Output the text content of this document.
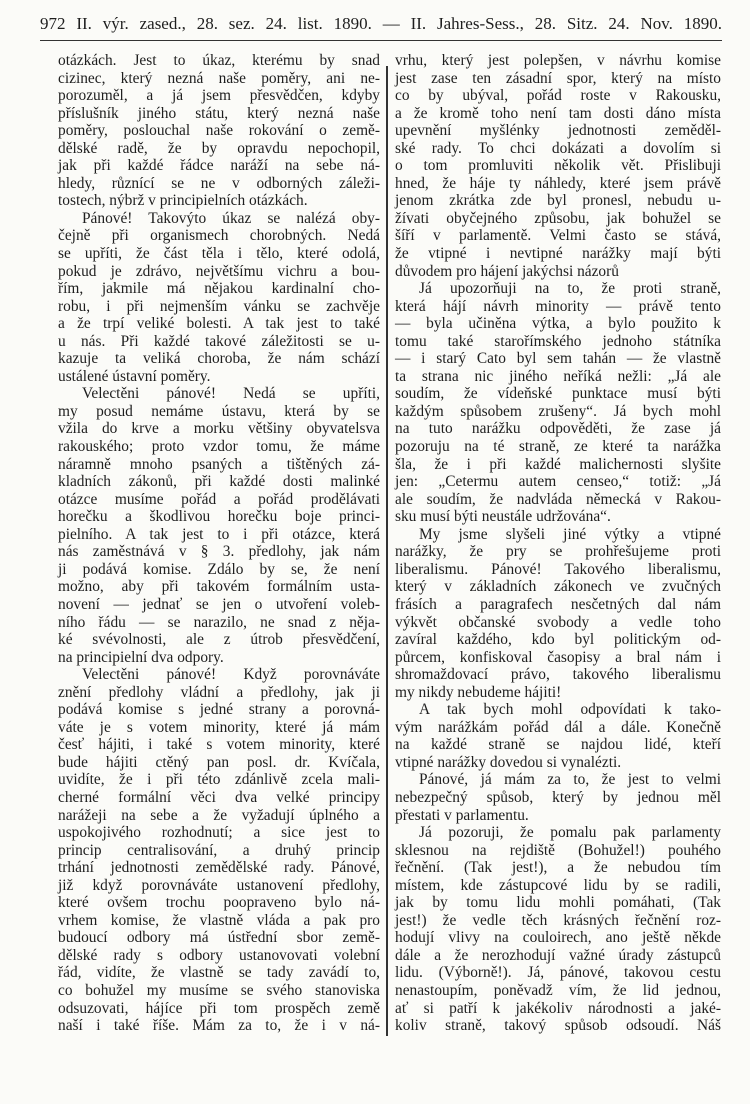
972 II. výr. zased., 28. sez. 24. list. 1890. — II. Jahres-Sess., 28. Sitz. 24. Nov. 1890.
otázkách. Jest to úkaz, kterému by snad
cizinec, který nezná naše poměry, ani ne-
porozuměl, a já jsem přesvědčen, kdyby
příslušník jiného státu, který nezná naše
poměry, poslouchal naše rokování o země-
dělské radě, že by opravdu nepochopil,
jak při každé řádce naráží na sebe ná-
hledy, různící se ne v odborných záleži-
tostech, nýbrž v principielních otázkách.
Pánové! Takovýto úkaz se nalézá oby-
čejně při organismech chorobných. Nedá
se upříti, že část těla i tělo, které odolá,
pokud je zdrávo, největšímu vichru a bou-
řím, jakmile má nějakou kardinalní cho-
robu, i při nejmenším vánku se zachvěje
a že trpí veliké bolesti. A tak jest to také
u nás. Při každé takové záležitosti se u-
kazuje ta veliká choroba, že nám schází
ustálené ústavní poměry.
Velectěni pánové! Nedá se upříti,
my posud nemáme ústavu, která by se
vžila do krve a morku většiny obyvatelsva
rakouského; proto vzdor tomu, že máme
náramně mnoho psaných a tištěných zá-
kladních zákonů, při každé dosti malinké
otázce musíme pořád a pořád prodělávati
horečku a škodlivou horečku boje princi-
pielního. A tak jest to i při otázce, která
nás zaměstnává v § 3. předlohy, jak nám
ji podává komise. Zdálo by se, že není
možno, aby při takovém formálním usta-
novení — jednať se jen o utvoření voleb-
ního řádu — se narazilo, ne snad z něja-
ké svévolnosti, ale z útrob přesvědčení,
na principielní dva odpory.
Velectěni pánové! Když porovnáváte
znění předlohy vládní a předlohy, jak ji
podává komise s jedné strany a porovná-
váte je s votem minority, které já mám
česť hájiti, i také s votem minority, které
bude hájiti ctěný pan posl. dr. Kvíčala,
uvidíte, že i při této zdánlivě zcela mali-
cherné formální věci dva velké principy
narážeji na sebe a že vyžadují úplného a
uspokojivého rozhodnutí; a sice jest to
princip centralisování, a druhý princip
trhání jednotnosti zemědělské rady. Pánové,
již když porovnáváte ustanovení předlohy,
které ovšem trochu poopraveno bylo ná-
vrhem komise, že vlastně vláda a pak pro
budoucí odbory má ústřední sbor země-
dělské rady s odbory ustanovovati volební
řád, vidíte, že vlastně se tady zavádí to,
co bohužel my musíme se svého stanoviska
odsuzovati, hájíce při tom prospěch země
naší i také říše. Mám za to, že i v ná-
vrhu, který jest polepšen, v návrhu komise
jest zase ten zásadní spor, který na místo
co by ubýval, pořád roste v Rakousku,
a že kromě toho není tam dosti dáno místa
upevnění myšlénky jednotnosti zeměděl-
ské rady. To chci dokázati a dovolím si
o tom promluviti několik vět. Přislibuji
hned, že háje ty náhledy, které jsem právě
jenom zkrátka zde byl pronesl, nebudu u-
žívati obyčejného způsobu, jak bohužel se
šíří v parlamentě. Velmi často se stává,
že vtipné i nevtipné narážky mají býti
důvodem pro hájení jakýchsi názorů
Já upozorňuji na to, že proti straně,
která hájí návrh minority — právě tento
— byla učiněna výtka, a bylo použito k
tomu také starořímského jednoho státníka
— i starý Cato byl sem tahán — že vlastně
ta strana nic jiného neříká nežli: „Já ale
soudím, že vídeňské punktace musí býti
každým spůsobem zrušeny“. Já bych mohl
na tuto narážku odpověděti, že zase já
pozoruju na té straně, ze které ta narážka
šla, že i při každé malichernosti slyšite
jen: „Cetermu autem censeo,“ totiž: „Já
ale soudím, že nadvláda německá v Rakou-
sku musí býti neustále udržována“.
My jsme slyšeli jiné výtky a vtipné
narážky, že pry se prohřešujeme proti
liberalismu. Pánové! Takového liberalismu,
který v základních zákonech ve zvučných
frásích a paragrafech nesčetných dal nám
výkvět občanské svobody a vedle toho
zavíral každého, kdo byl politickým od-
půrcem, konfiskoval časopisy a bral nám i
shromaždovací právo, takového liberalismu
my nikdy nebudeme hájiti!
A tak bych mohl odpovídati k tako-
vým narážkám pořád dál a dále. Konečně
na každé straně se najdou lidé, kteří
vtipné narážky dovedou si vynalézti.
Pánové, já mám za to, že jest to velmi
nebezpečný spůsob, který by jednou měl
přestati v parlamentu.
Já pozoruji, že pomalu pak parlamenty
sklesnou na rejdiště (Bohužel!) pouhého
řečnění. (Tak jest!), a že nebudou tím
místem, kde zástupcové lidu by se radili,
jak by tomu lidu mohli pomáhati, (Tak
jest!) že vedle těch krásných řečnění roz-
hodují vlivy na couloirech, ano ještě někde
dále a že nerozhodují važné úrady zástupců
lidu. (Výborně!). Já, pánové, takovou cestu
nenastoupím, poněvadž vím, že lid jednou,
ať si patří k jakékoliv národnosti a jaké-
koliv straně, takový spůsob odsoudí. Náš
